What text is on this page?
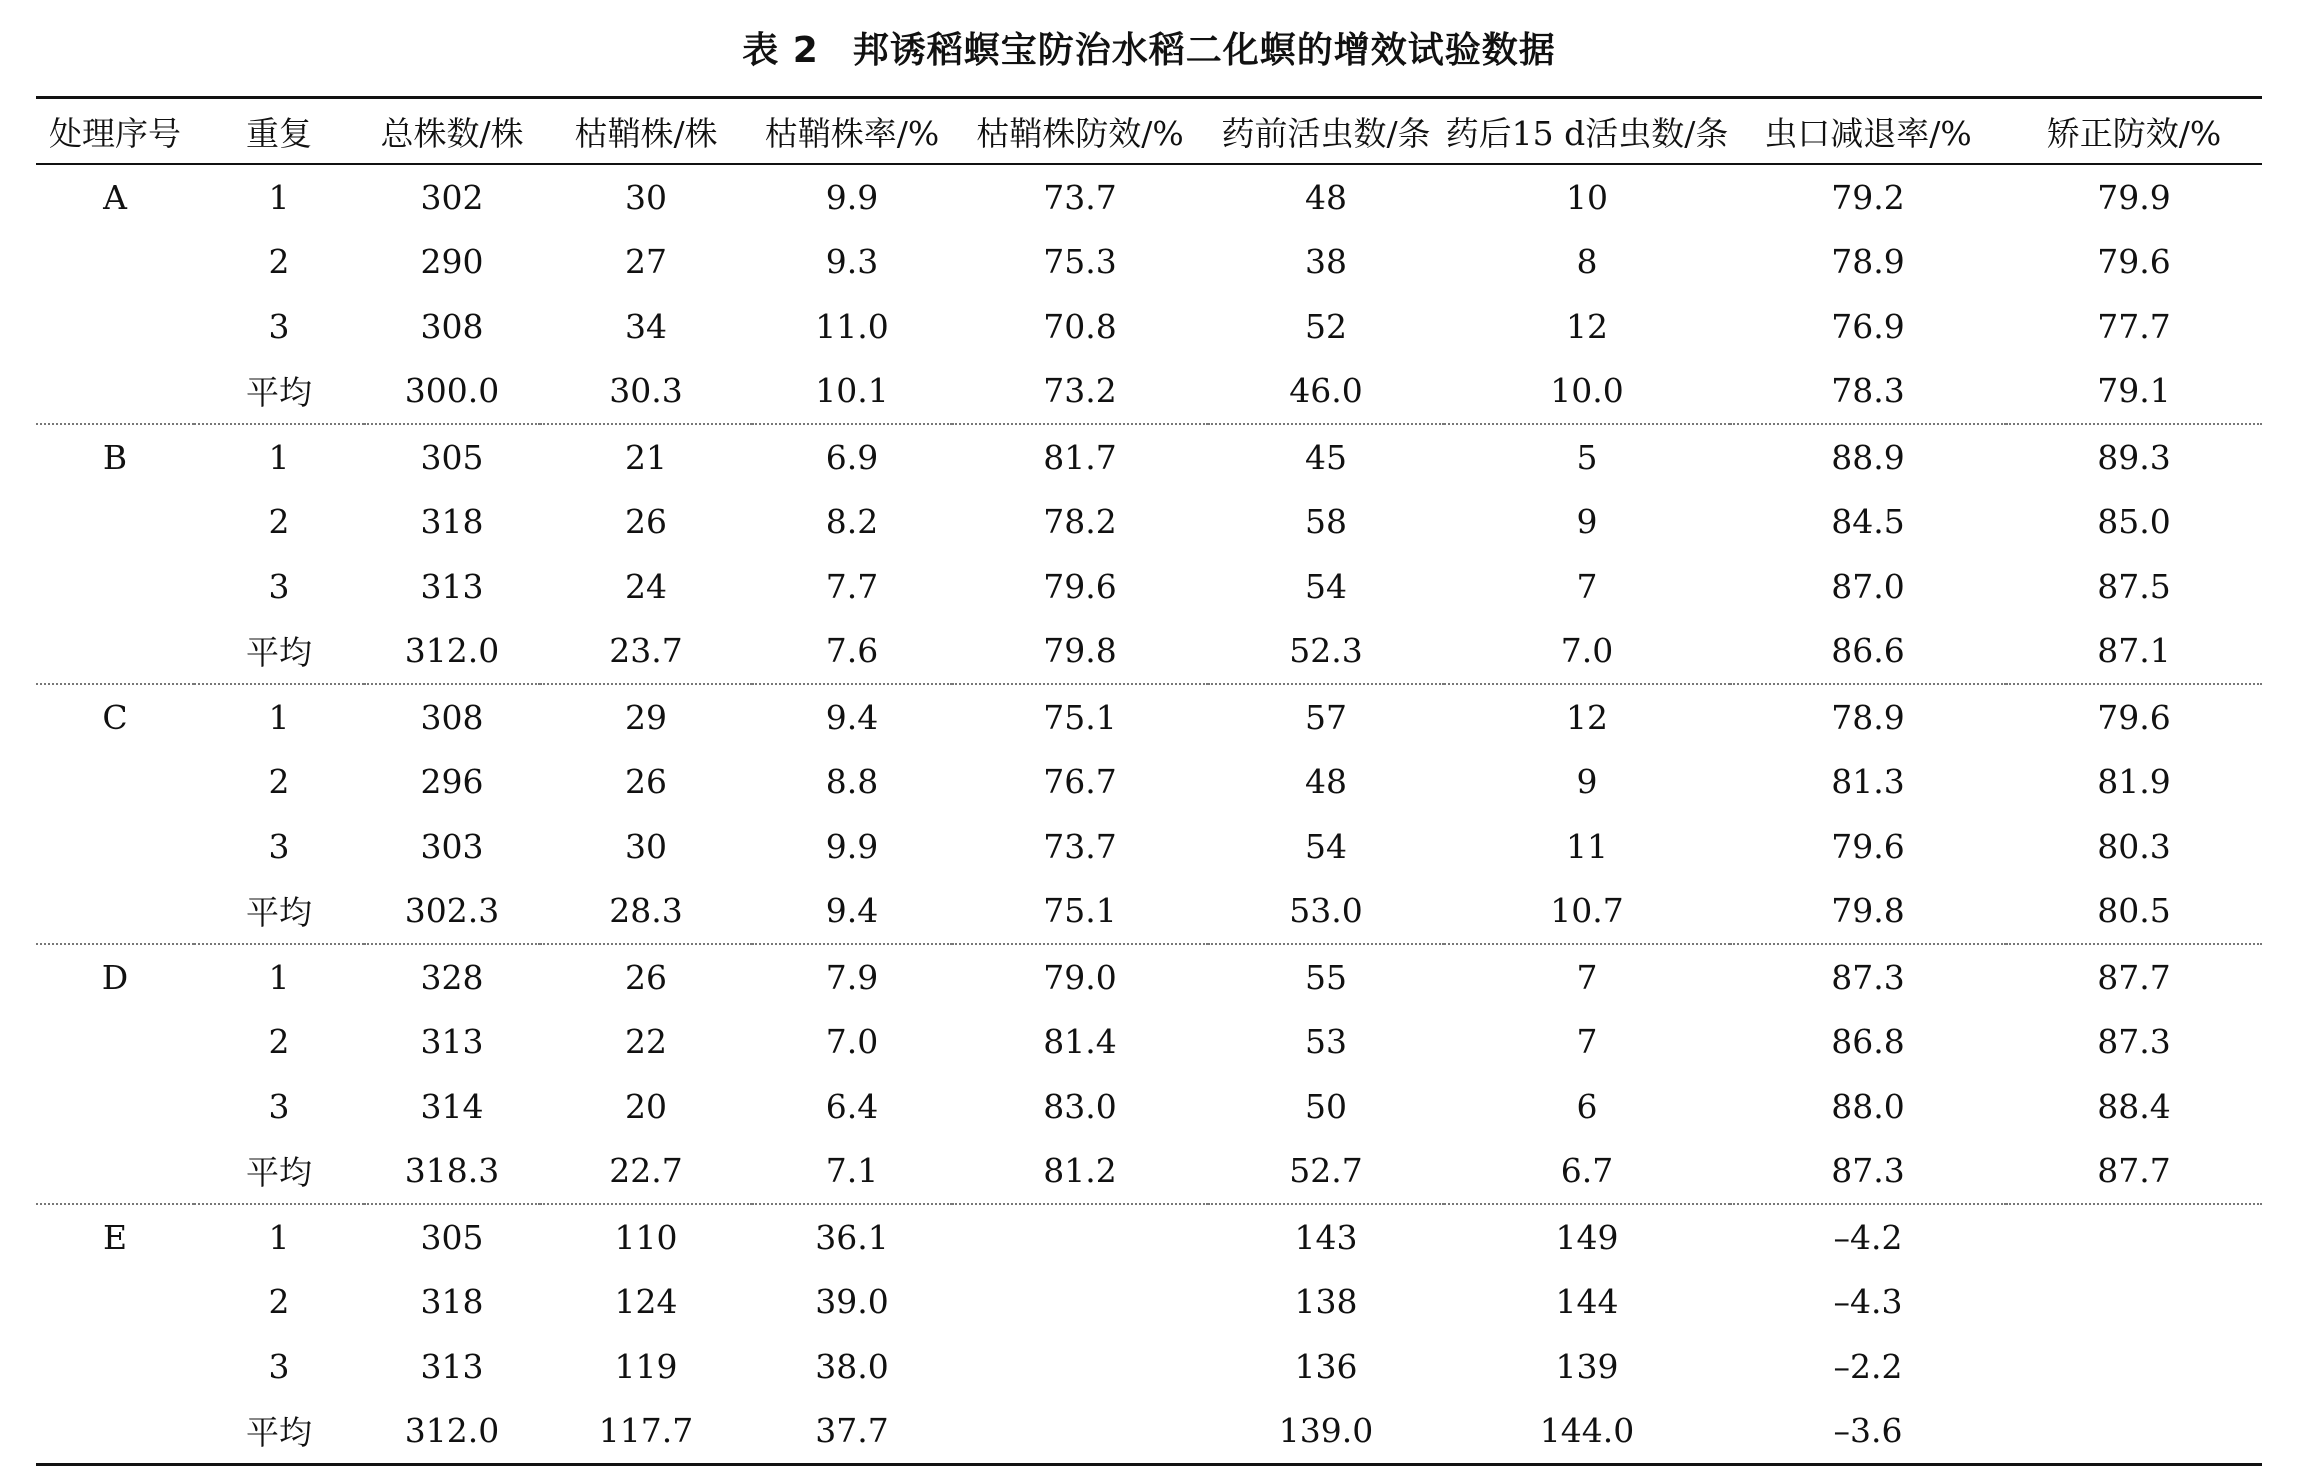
表 2 邦诱稻螟宝防治水稻二化螟的增效试验数据
处理序号	重复	总株数/株	枯鞘株/株	枯鞘株率/%	枯鞘株防效/%	药前活虫数/条	药后15 d活虫数/条	虫口减退率/%	矫正防效/%
A	1	302	30	9.9	73.7	48	10	79.2	79.9
	2	290	27	9.3	75.3	38	8	78.9	79.6
	3	308	34	11.0	70.8	52	12	76.9	77.7
	平均	300.0	30.3	10.1	73.2	46.0	10.0	78.3	79.1
B	1	305	21	6.9	81.7	45	5	88.9	89.3
	2	318	26	8.2	78.2	58	9	84.5	85.0
	3	313	24	7.7	79.6	54	7	87.0	87.5
	平均	312.0	23.7	7.6	79.8	52.3	7.0	86.6	87.1
C	1	308	29	9.4	75.1	57	12	78.9	79.6
	2	296	26	8.8	76.7	48	9	81.3	81.9
	3	303	30	9.9	73.7	54	11	79.6	80.3
	平均	302.3	28.3	9.4	75.1	53.0	10.7	79.8	80.5
D	1	328	26	7.9	79.0	55	7	87.3	87.7
	2	313	22	7.0	81.4	53	7	86.8	87.3
	3	314	20	6.4	83.0	50	6	88.0	88.4
	平均	318.3	22.7	7.1	81.2	52.7	6.7	87.3	87.7
E	1	305	110	36.1		143	149	–4.2	
	2	318	124	39.0		138	144	–4.3	
	3	313	119	38.0		136	139	–2.2	
	平均	312.0	117.7	37.7		139.0	144.0	–3.6	
